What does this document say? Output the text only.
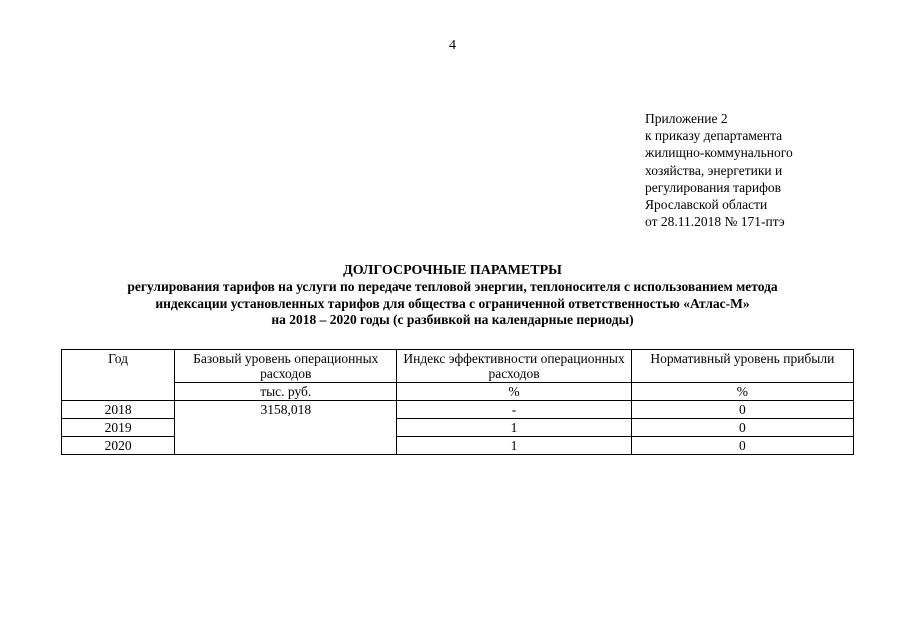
4
Приложение 2
к приказу департамента
жилищно-коммунального
хозяйства, энергетики и
регулирования тарифов
Ярославской области
от 28.11.2018 № 171-птэ
ДОЛГОСРОЧНЫЕ ПАРАМЕТРЫ
регулирования тарифов на услуги по передаче тепловой энергии, теплоносителя с использованием метода
индексации установленных тарифов для общества с ограниченной ответственностью «Атлас-М»
на 2018 – 2020 годы (с разбивкой на календарные периоды)
Год	Базовый уровень операционных расходов	Индекс эффективности операционных расходов	Нормативный уровень прибыли
	тыс. руб.	%	%
2018	3158,018	-	0
2019		1	0
2020		1	0
